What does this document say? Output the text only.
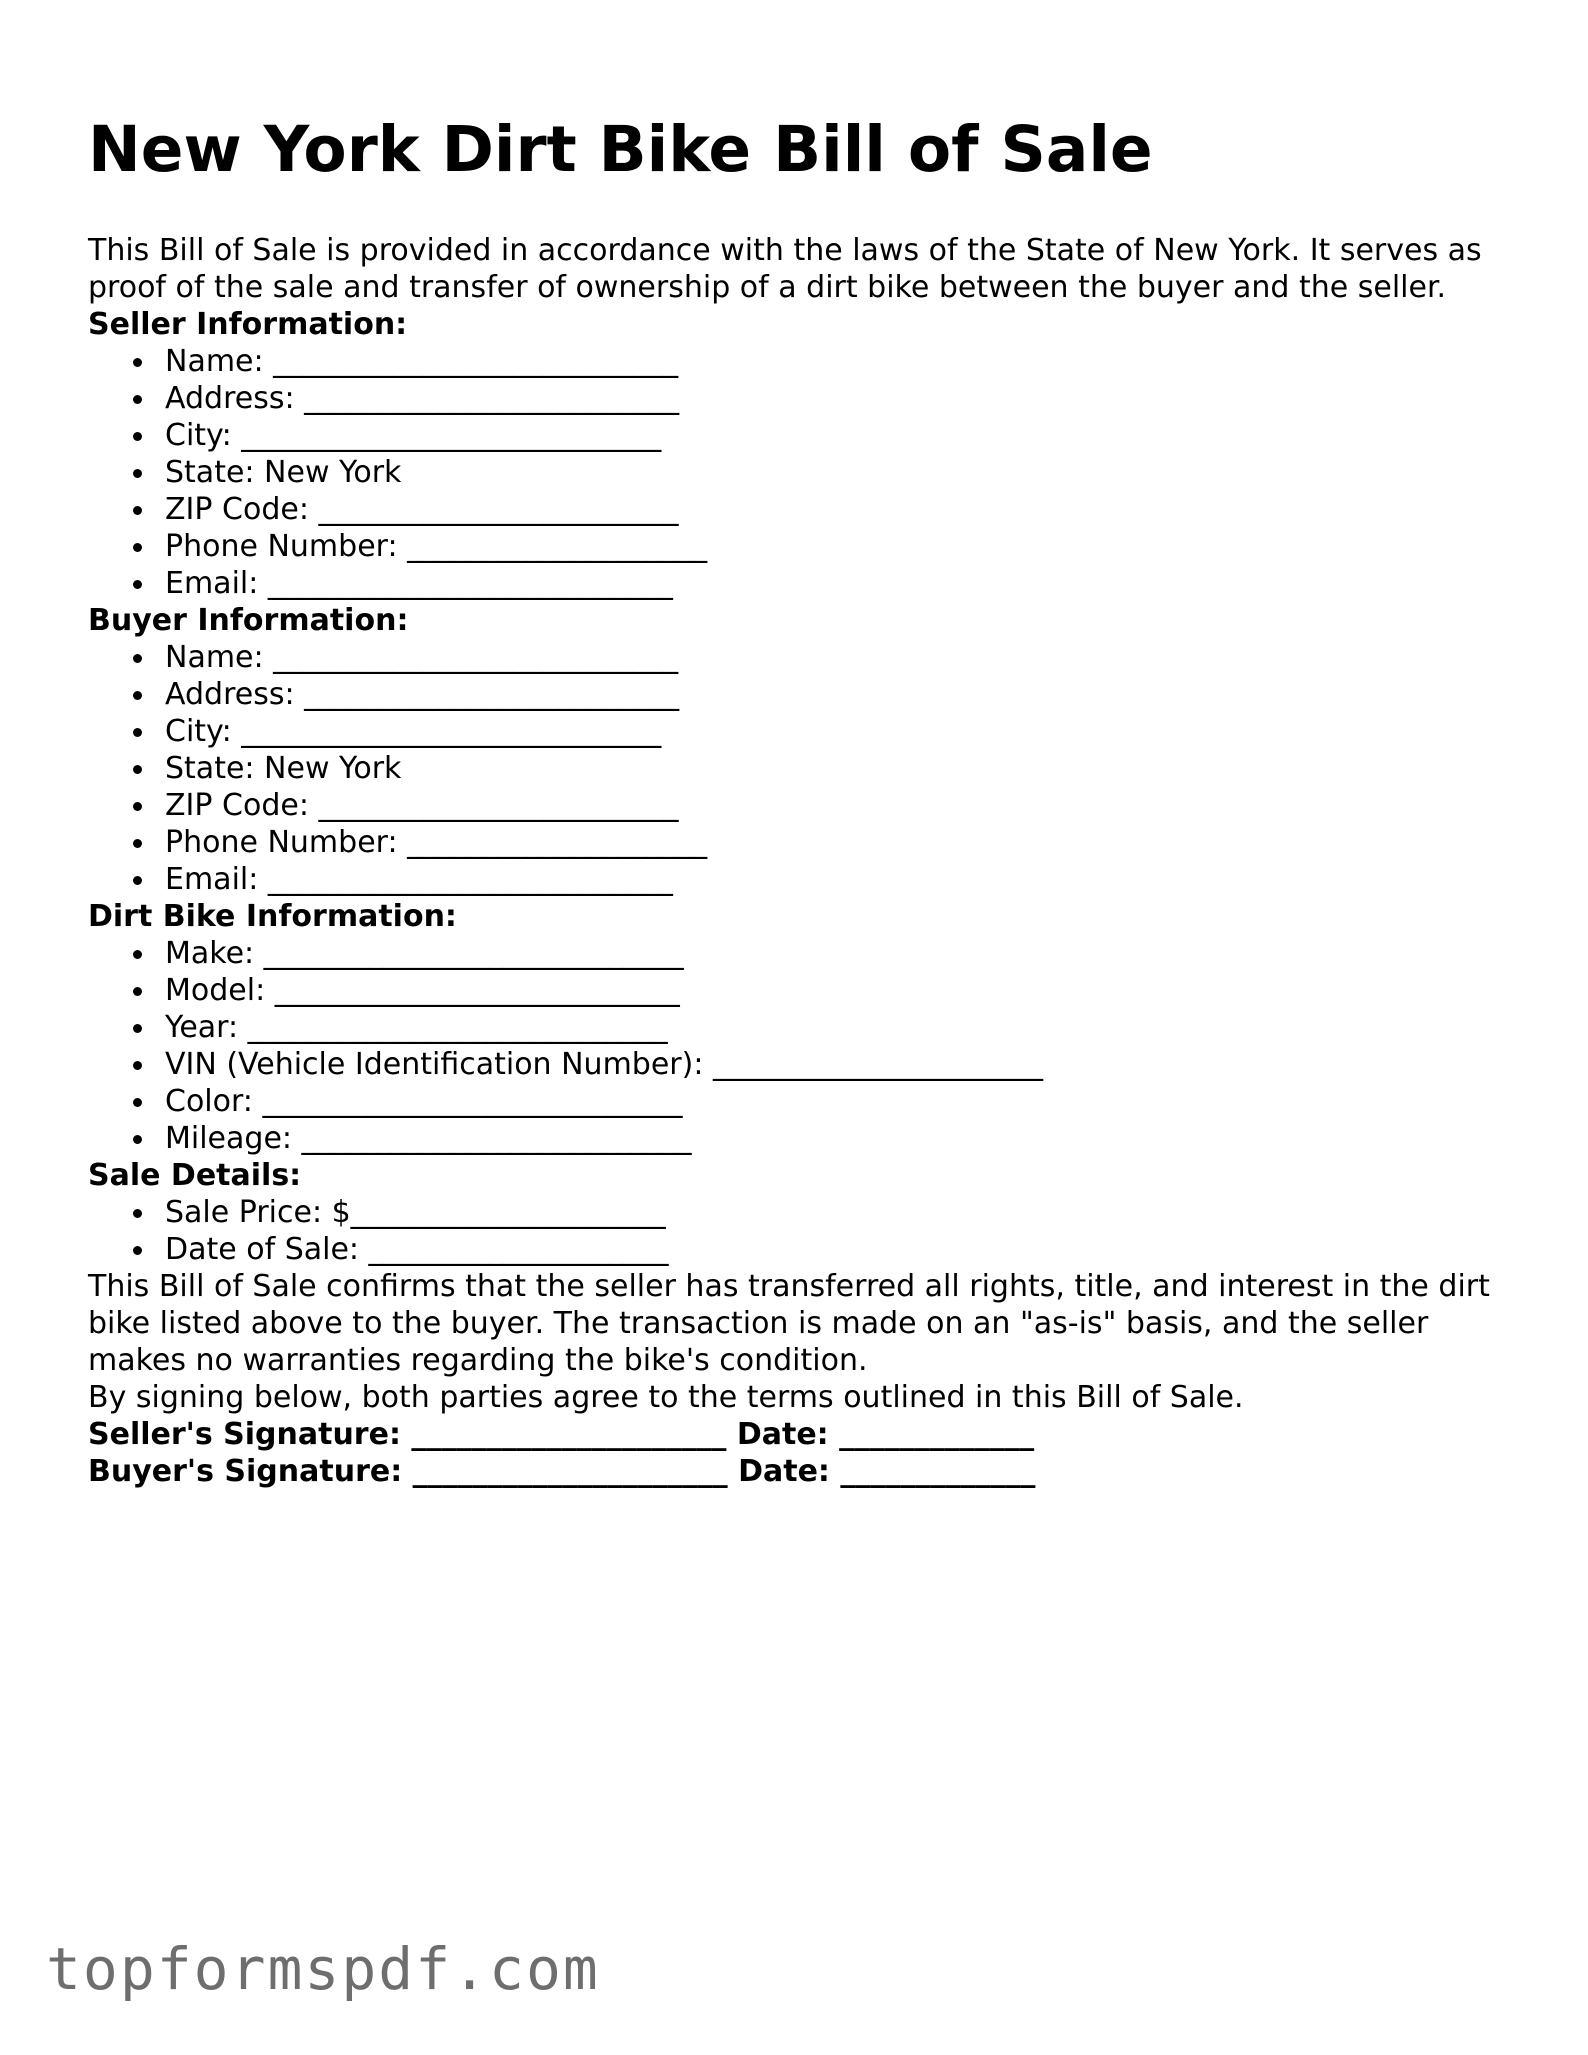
New York Dirt Bike Bill of Sale

This Bill of Sale is provided in accordance with the laws of the State of New York. It serves as proof of the sale and transfer of ownership of a dirt bike between the buyer and the seller.

Seller Information:
Name: ___________________________
Address: _________________________
City: ____________________________
State: New York
ZIP Code: ________________________
Phone Number: ____________________
Email: ___________________________
Buyer Information:
Name: ___________________________
Address: _________________________
City: ____________________________
State: New York
ZIP Code: ________________________
Phone Number: ____________________
Email: ___________________________
Dirt Bike Information:
Make: ____________________________
Model: ___________________________
Year: ____________________________
VIN (Vehicle Identification Number): ______________________
Color: ____________________________
Mileage: __________________________
Sale Details:
Sale Price: $_____________________
Date of Sale: ____________________

This Bill of Sale confirms that the seller has transferred all rights, title, and interest in the dirt bike listed above to the buyer. The transaction is made on an "as-is" basis, and the seller makes no warranties regarding the bike's condition.

By signing below, both parties agree to the terms outlined in this Bill of Sale.

Seller's Signature: _____________________ Date: _____________

Buyer's Signature: _____________________ Date: _____________

topformspdf.com
